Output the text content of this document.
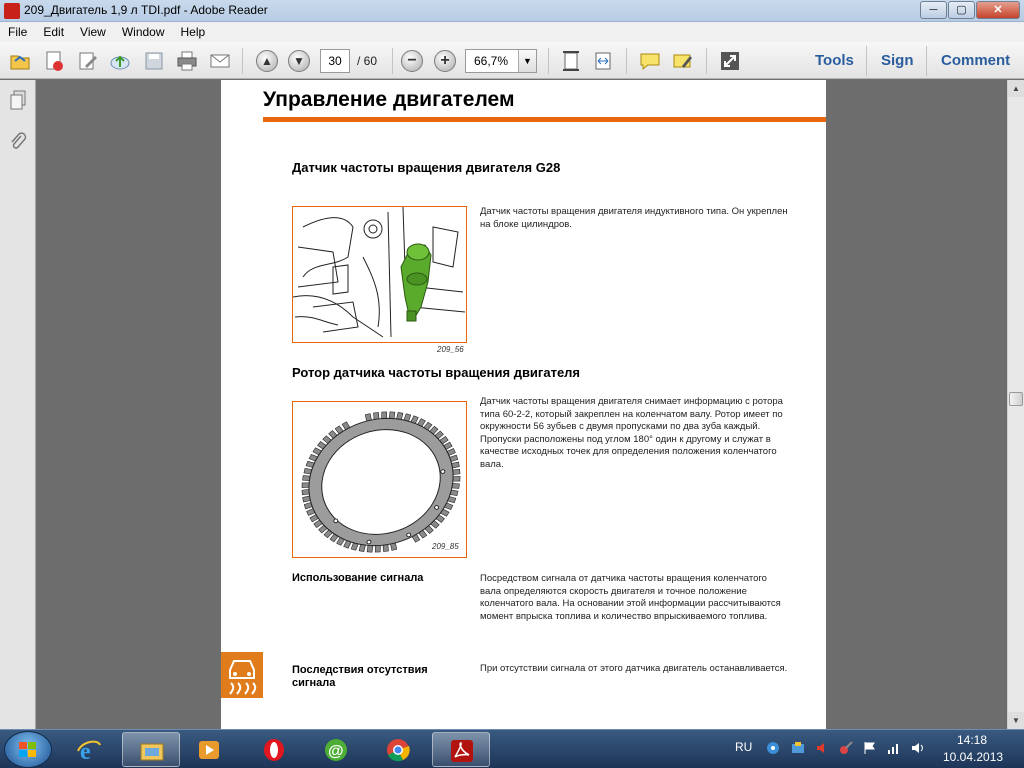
209_Двигатель 1,9 л TDI.pdf - Adobe Reader	─	▢	✕
File	Edit	View	Window	Help
▲	▼	−	+
30	/ 60	66,7%	▼	Tools Sign Comment
Управление двигателем
Датчик частоты вращения двигателя G28
209_56
Датчик частоты вращения двигателя индуктивного типа. Он укреплен на блоке цилиндров.
Ротор датчика частоты вращения двигателя
209_85
Датчик частоты вращения двигателя снимает информацию с ротора типа 60-2-2, который закреплен на коленчатом валу. Ротор имеет по окружности 56 зубьев с двумя пропусками по два зуба каждый. Пропуски расположены под углом 180° один к другому и служат в качестве исходных точек для определения положения коленчатого вала.
Использование сигнала	Посредством сигнала от датчика частоты вращения коленчатого вала определяются скорость двигателя и точное положение коленчатого вала. На основании этой информации рассчитываются момент впрыска топлива и количество впрыскиваемого топлива.
Последствия отсутствия сигнала
При отсутствии сигнала от этого датчика двигатель останавливается.
▲
▼
e	@	RU	14:18
10.04.2013
